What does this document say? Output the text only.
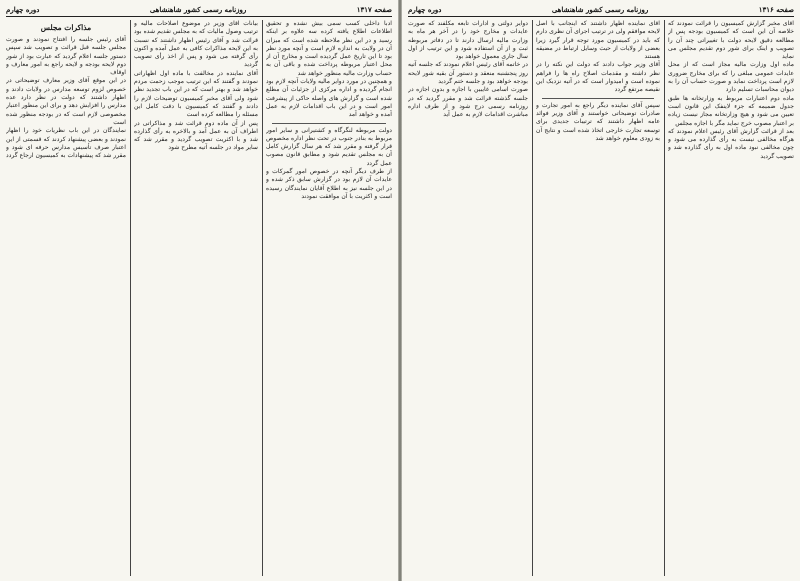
صفحه ۱۳۱۷
روزنامه رسمی کشور شاهنشاهی
دوره چهارم

ادبا داخلی کسب سمی بیش نشده و تحقیق اطلاعات اطلاع یافته کرده سه علاوه بر اینکه رسید و در این نظر ملاحظه شده است که میزان آن در ولایت به اندازه لازم است و آنچه مورد نظر بود تا این تاریخ عمل گردیده است و مخارج آن از محل اعتبار مربوطه پرداخت شده و باقی آن به حساب وزارت مالیه منظور خواهد شد

و همچنین در مورد دوایر مالیه ولایات آنچه لازم بود انجام گردیده و اداره مرکزی از جزئیات آن مطلع شده است و گزارش های واصله حاکی از پیشرفت امور است و در این باب اقدامات لازم به عمل آمده و خواهد آمد

دولت مربوطه لنگرگاه و کشتیرانی و سایر امور مربوط به بنادر جنوب در تحت نظر اداره مخصوص قرار گرفته و مقرر شد که هر سال گزارش کامل آن به مجلس تقدیم شود و مطابق قانون مصوب عمل گردد

از طرف دیگر آنچه در خصوص امور گمرکات و عایدات آن لازم بود در گزارش سابق ذکر شده و در این جلسه نیز به اطلاع آقایان نمایندگان رسیده است و اکثریت با آن موافقت نمودند

بیانات آقای وزیر در موضوع اصلاحات مالیه و ترتیب وصول مالیات که به مجلس تقدیم شده بود قرائت شد و آقای رئیس اظهار داشتند که نسبت به این لایحه مذاکرات کافی به عمل آمده و اکنون رأی گرفته می شود و پس از اخذ رأی تصویب گردید

آقای نماینده در مخالفت با ماده اول اظهاراتی نمودند و گفتند که این ترتیب موجب زحمت مردم خواهد شد و بهتر است که در این باب تجدید نظر شود ولی آقای مخبر کمیسیون توضیحات لازم را دادند و گفتند که کمیسیون با دقت کامل این مسئله را مطالعه کرده است

پس از آن ماده دوم قرائت شد و مذاکراتی در اطراف آن به عمل آمد و بالاخره به رأی گذارده شد و با اکثریت تصویب گردید و مقرر شد که سایر مواد در جلسه آتیه مطرح شود

مذاکرات مجلس

آقای رئیس جلسه را افتتاح نمودند و صورت مجلس جلسه قبل قرائت و تصویب شد سپس دستور جلسه اعلام گردید که عبارت بود از شور دوم لایحه بودجه و لایحه راجع به امور معارف و اوقاف

در این موقع آقای وزیر معارف توضیحاتی در خصوص لزوم توسعه مدارس در ولایات دادند و اظهار داشتند که دولت در نظر دارد عده مدارس را افزایش دهد و برای این منظور اعتبار مخصوصی لازم است که در بودجه منظور شده است

نمایندگان در این باب نظریات خود را اظهار نمودند و بعضی پیشنهاد کردند که قسمتی از این اعتبار صرف تأسیس مدارس حرفه ای شود و مقرر شد که پیشنهادات به کمیسیون ارجاع گردد

صفحه ۱۳۱۶
روزنامه رسمی کشور شاهنشاهی
دوره چهارم

آقای مخبر گزارش کمیسیون را قرائت نمودند که خلاصه آن این است که کمیسیون بودجه پس از مطالعه دقیق لایحه دولت با تغییراتی چند آن را تصویب و اینک برای شور دوم تقدیم مجلس می نماید

ماده اول وزارت مالیه مجاز است که از محل عایدات عمومی مبلغی را که برای مخارج ضروری لازم است پرداخت نماید و صورت حساب آن را به دیوان محاسبات تسلیم دارد

ماده دوم اعتبارات مربوط به وزارتخانه ها طبق جدول ضمیمه که جزء لاینفک این قانون است تعیین می شود و هیچ وزارتخانه مجاز نیست زیاده بر اعتبار مصوب خرج نماید مگر با اجازه مجلس

بعد از قرائت گزارش آقای رئیس اعلام نمودند که هرگاه مخالفی نیست به رأی گذارده می شود و چون مخالفی نبود ماده اول به رأی گذارده شد و تصویب گردید

آقای نماینده اظهار داشتند که اینجانب با اصل لایحه موافقم ولی در ترتیب اجرای آن نظری دارم که باید در کمیسیون مورد توجه قرار گیرد زیرا بعضی از ولایات از حیث وسایل ارتباط در مضیقه هستند

آقای وزیر جواب دادند که دولت این نکته را در نظر داشته و مقدمات اصلاح راه ها را فراهم نموده است و امیدوار است که در آتیه نزدیک این نقیصه مرتفع گردد

سپس آقای نماینده دیگر راجع به امور تجارت و صادرات توضیحاتی خواستند و آقای وزیر فوائد عامه اظهار داشتند که ترتیبات جدیدی برای توسعه تجارت خارجی اتخاذ شده است و نتایج آن به زودی معلوم خواهد شد

دوایر دولتی و ادارات تابعه مکلفند که صورت عایدات و مخارج خود را در آخر هر ماه به وزارت مالیه ارسال دارند تا در دفاتر مربوطه ثبت و از آن استفاده شود و این ترتیب از اول سال جاری معمول خواهد بود

در خاتمه آقای رئیس اعلام نمودند که جلسه آتیه روز پنجشنبه منعقد و دستور آن بقیه شور لایحه بودجه خواهد بود و جلسه ختم گردید

صورت اسامی غایبین با اجازه و بدون اجازه در جلسه گذشته قرائت شد و مقرر گردید که در روزنامه رسمی درج شود و از طرف اداره مباشرت اقدامات لازم به عمل آید
